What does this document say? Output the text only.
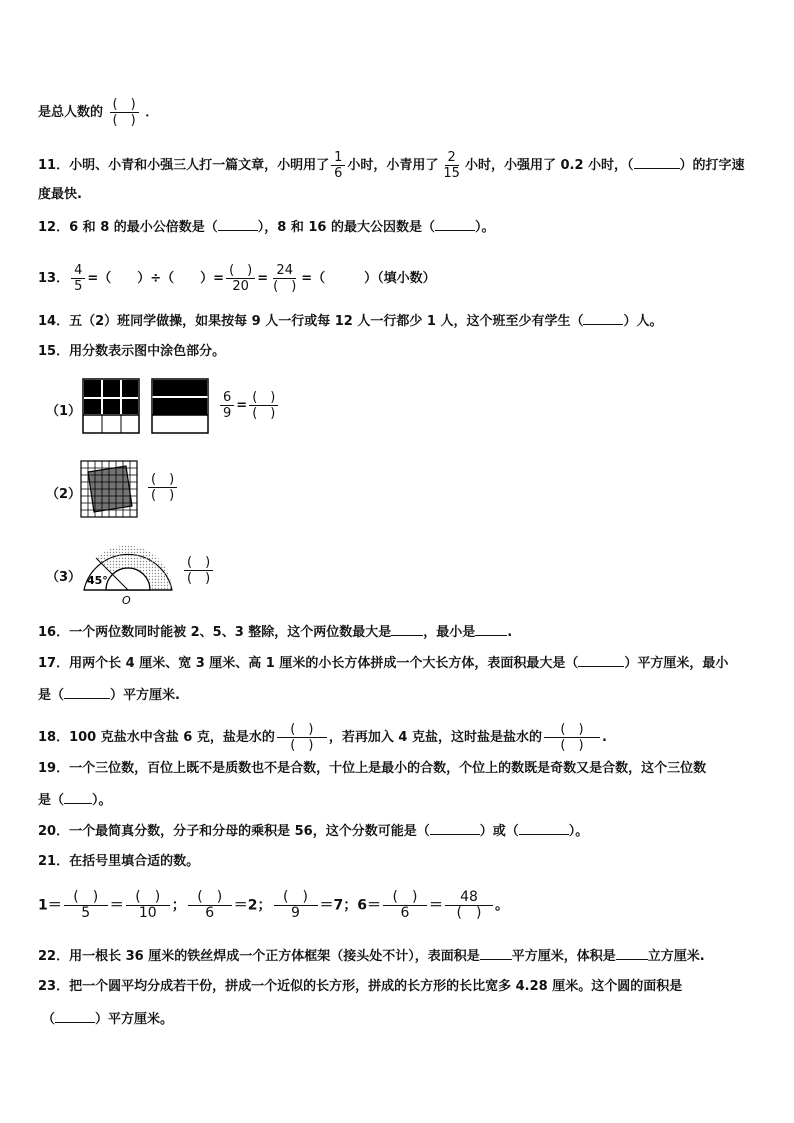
是总人数的 $\frac{( )}{( )}$ ．
11．小明、小青和小强三人打一篇文章，小明用了 $\frac{1}{6}$ 小时，小青用了 $\frac{2}{15}$ 小时，小强用了 0.2 小时，（	）的打字速
度最快.
12．6 和 8 的最小公倍数是（	），8 和 16 的最大公因数是（	）。
13． $\frac{4}{5}$ =（　　）÷（　　）= $\frac{( )}{20} = \frac{24}{( )}$ =（　　　）（填小数）
14．五（2）班同学做操，如果按每 9 人一行或每 12 人一行都少 1 人，这个班至少有学生（	）人。
15．用分数表示图中涂色部分。
（1）	$\frac{6}{9} = \frac{( )}{( )}$
（2）	$\frac{( )}{( )}$
（3） 45°
O
$\frac{( )}{( )}$
16．一个两位数同时能被 2、5、3 整除，这个两位数最大是 ，最小是 .
17．用两个长 4 厘米、宽 3 厘米、高 1 厘米的小长方体拼成一个大长方体，表面积最大是（	）平方厘米，最小
是（	）平方厘米.
18．100 克盐水中含盐 6 克，盐是水的 $\frac{( )}{( )}$ ，若再加入 4 克盐，这时盐是盐水的 $\frac{( )}{( )}$ .
19．一个三位数，百位上既不是质数也不是合数，十位上是最小的合数，个位上的数既是奇数又是合数，这个三位数
是（ ）。
20．一个最简真分数，分子和分母的乘积是 56，这个分数可能是（	）或（	）。
21．在括号里填合适的数。
$1= \frac{( )}{5} = \frac{( )}{10}$ ； $\frac{( )}{6} =2$； $\frac{( )}{9} =7$；$6= \frac{( )}{6} = \frac{48}{( )}$ 。
22．用一根长 36 厘米的铁丝焊成一个正方体框架（接头处不计），表面积是 平方厘米，体积是 立方厘米.
23．把一个圆平均分成若干份，拼成一个近似的长方形，拼成的长方形的长比宽多 4.28 厘米。这个圆的面积是
（	）平方厘米。
